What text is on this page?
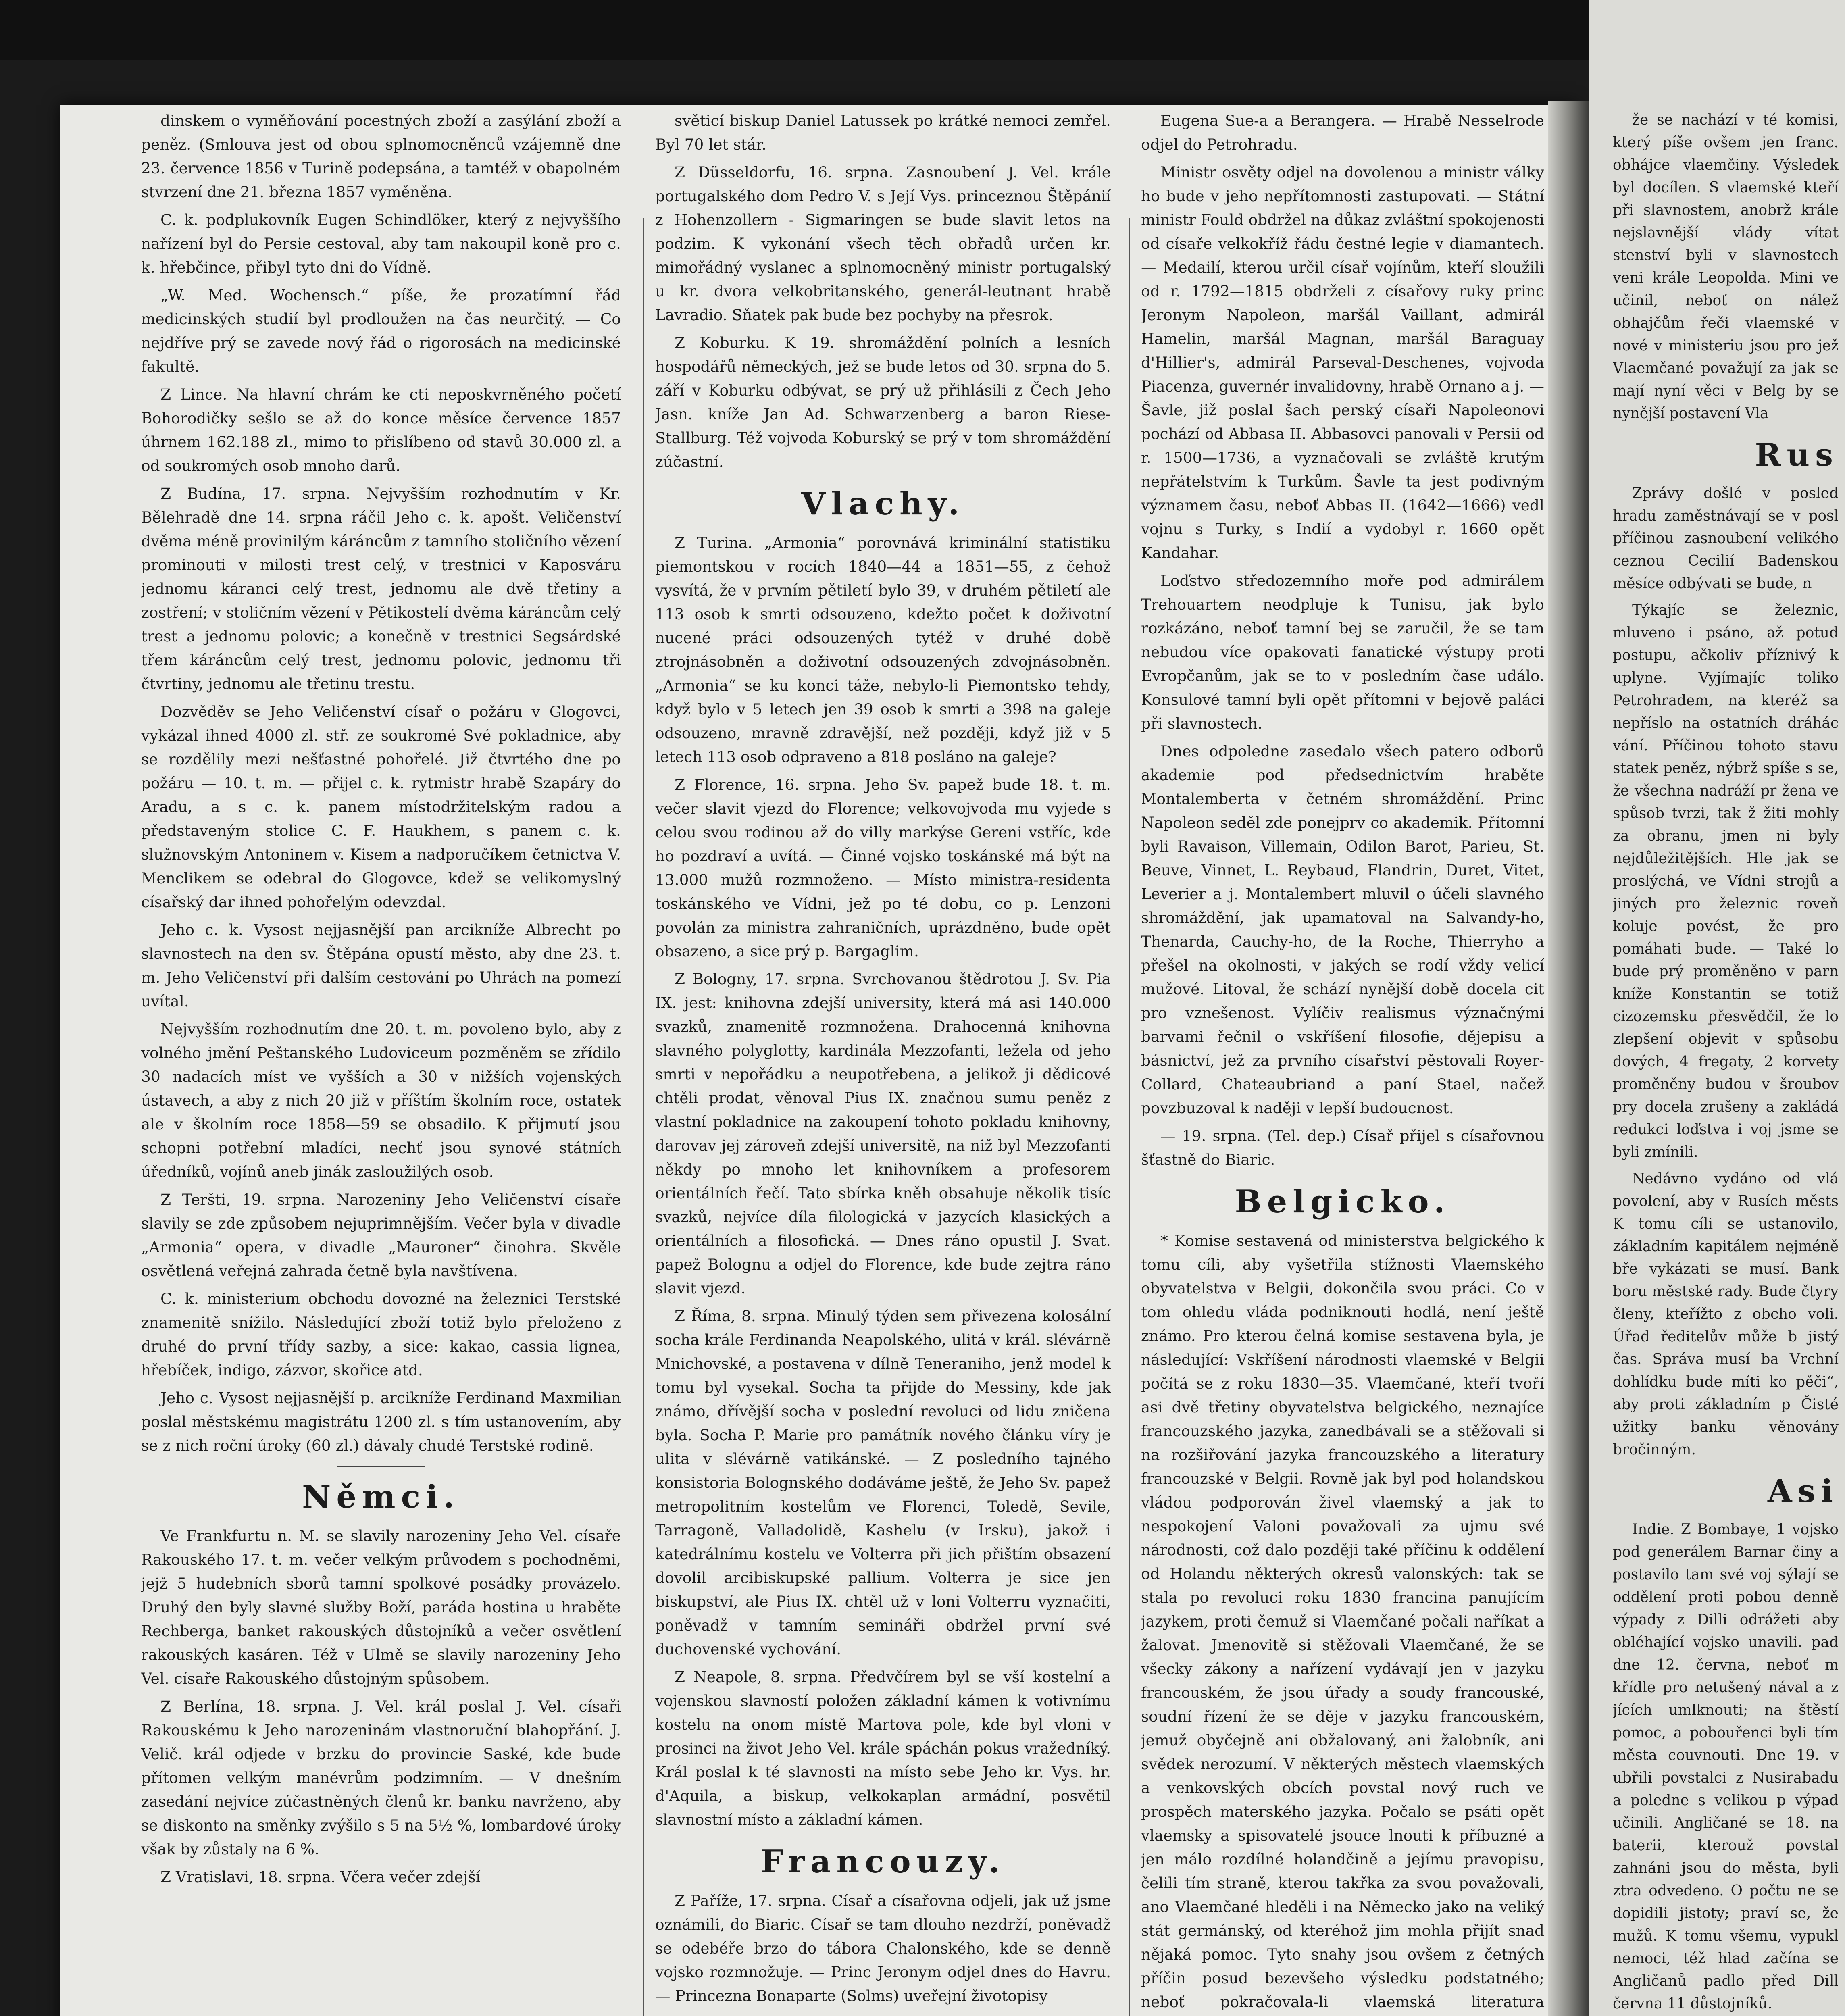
dinskem o vyměňování pocestných zboží a zasýlání zboží a peněz. (Smlouva jest od obou splnomocněnců vzájemně dne 23. července 1856 v Turině podepsána, a tamtéž v obapolném stvrzení dne 21. března 1857 vyměněna.

C. k. podplukovník Eugen Schindlöker, který z nejvyššího nařízení byl do Persie cestoval, aby tam nakoupil koně pro c. k. hřebčince, přibyl tyto dni do Vídně.

„W. Med. Wochensch.“ píše, že prozatímní řád medicinských studií byl prodloužen na čas neurčitý. — Co nejdříve prý se zavede nový řád o rigorosách na medicinské fakultě.

Z Lince. Na hlavní chrám ke cti neposkvrněného početí Bohorodičky sešlo se až do konce měsíce července 1857 úhrnem 162.188 zl., mimo to přislíbeno od stavů 30.000 zl. a od soukromých osob mnoho darů.

Z Budína, 17. srpna. Nejvyšším rozhodnutím v Kr. Bělehradě dne 14. srpna ráčil Jeho c. k. apošt. Veličenství dvěma méně provinilým káráncům z tamního stoličního vězení prominouti v milosti trest celý, v trestnici v Kaposváru jednomu káranci celý trest, jednomu ale dvě třetiny a zostření; v stoličním vězení v Pětikostelí dvěma káráncům celý trest a jednomu polovic; a konečně v trestnici Segsárdské třem káráncům celý trest, jednomu polovic, jednomu tři čtvrtiny, jednomu ale třetinu trestu.

Dozvěděv se Jeho Veličenství císař o požáru v Glogovci, vykázal ihned 4000 zl. stř. ze soukromé Své pokladnice, aby se rozdělily mezi nešťastné pohořelé. Již čtvrtého dne po požáru — 10. t. m. — přijel c. k. rytmistr hrabě Szapáry do Aradu, a s c. k. panem místodržitelským radou a představeným stolice C. F. Haukhem, s panem c. k. služnovským Antoninem v. Kisem a nadporučíkem četnictva V. Menclikem se odebral do Glogovce, kdež se velikomyslný císařský dar ihned pohořelým odevzdal.

Jeho c. k. Vysost nejjasnější pan arcikníže Albrecht po slavnostech na den sv. Štěpána opustí město, aby dne 23. t. m. Jeho Veličenství při dalším cestování po Uhrách na pomezí uvítal.

Nejvyšším rozhodnutím dne 20. t. m. povoleno bylo, aby z volného jmění Peštanského Ludoviceum pozměněm se zřídilo 30 nadacích míst ve vyšších a 30 v nižších vojenských ústavech, a aby z nich 20 již v příštím školním roce, ostatek ale v školním roce 1858—59 se obsadilo. K přijmutí jsou schopni potřební mladíci, nechť jsou synové státních úředníků, vojínů aneb jinák zasloužilých osob.

Z Teršti, 19. srpna. Narozeniny Jeho Veličenství císaře slavily se zde způsobem nejuprimnějším. Večer byla v divadle „Armonia“ opera, v divadle „Mauroner“ činohra. Skvěle osvětlená veřejná zahrada četně byla navštívena.

C. k. ministerium obchodu dovozné na železnici Terstské znamenitě snížilo. Následující zboží totiž bylo přeloženo z druhé do první třídy sazby, a sice: kakao, cassia lignea, hřebíček, indigo, zázvor, skořice atd.

Jeho c. Vysost nejjasnější p. arcikníže Ferdinand Maxmilian poslal městskému magistrátu 1200 zl. s tím ustanovením, aby se z nich roční úroky (60 zl.) dávaly chudé Terstské rodině.

Němci.

Ve Frankfurtu n. M. se slavily narozeniny Jeho Vel. císaře Rakouského 17. t. m. večer velkým průvodem s pochodněmi, jejž 5 hudebních sborů tamní spolkové posádky provázelo. Druhý den byly slavné služby Boží, paráda hostina u hraběte Rechberga, banket rakouských důstojníků a večer osvětlení rakouských kasáren. Též v Ulmě se slavily narozeniny Jeho Vel. císaře Rakouského důstojným spůsobem.

Z Berlína, 18. srpna. J. Vel. král poslal J. Vel. císaři Rakouskému k Jeho narozeninám vlastnoruční blahopřání. J. Velič. král odjede v brzku do provincie Saské, kde bude přítomen velkým manévrům podzimním. — V dnešním zasedání nejvíce zúčastněných členů kr. banku navrženo, aby se diskonto na směnky zvýšilo s 5 na 5½ %, lombardové úroky však by zůstaly na 6 %.

Z Vratislavi, 18. srpna. Včera večer zdejší

světicí biskup Daniel Latussek po krátké nemoci zemřel. Byl 70 let stár.

Z Düsseldorfu, 16. srpna. Zasnoubení J. Vel. krále portugalského dom Pedro V. s Její Vys. princeznou Štěpánií z Hohenzollern - Sigmaringen se bude slavit letos na podzim. K vykonání všech těch obřadů určen kr. mimořádný vyslanec a splnomocněný ministr portugalský u kr. dvora velkobritanského, generál-leutnant hrabě Lavradio. Sňatek pak bude bez pochyby na přesrok.

Z Koburku. K 19. shromáždění polních a lesních hospodářů německých, jež se bude letos od 30. srpna do 5. září v Koburku odbývat, se prý už přihlásili z Čech Jeho Jasn. kníže Jan Ad. Schwarzenberg a baron Riese-Stallburg. Též vojvoda Koburský se prý v tom shromáždění zúčastní.

Vlachy.

Z Turina. „Armonia“ porovnává kriminální statistiku piemontskou v rocích 1840—44 a 1851—55, z čehož vysvítá, že v prvním pětiletí bylo 39, v druhém pětiletí ale 113 osob k smrti odsouzeno, kdežto počet k doživotní nucené práci odsouzených tytéž v druhé době ztrojnásobněn a doživotní odsouzených zdvojnásobněn. „Armonia“ se ku konci táže, nebylo-li Piemontsko tehdy, když bylo v 5 letech jen 39 osob k smrti a 398 na galeje odsouzeno, mravně zdravější, než později, když již v 5 letech 113 osob odpraveno a 818 posláno na galeje?

Z Florence, 16. srpna. Jeho Sv. papež bude 18. t. m. večer slavit vjezd do Florence; velkovojvoda mu vyjede s celou svou rodinou až do villy markýse Gereni vstříc, kde ho pozdraví a uvítá. — Činné vojsko toskánské má být na 13.000 mužů rozmnoženo. — Místo ministra-residenta toskánského ve Vídni, jež po té dobu, co p. Lenzoni povolán za ministra zahraničních, uprázdněno, bude opět obsazeno, a sice prý p. Bargaglim.

Z Bologny, 17. srpna. Svrchovanou štědrotou J. Sv. Pia IX. jest: knihovna zdejší university, která má asi 140.000 svazků, znamenitě rozmnožena. Drahocenná knihovna slavného polyglotty, kardinála Mezzofanti, ležela od jeho smrti v nepořádku a neupotřebena, a jelikož ji dědicové chtěli prodat, věnoval Pius IX. značnou sumu peněz z vlastní pokladnice na zakoupení tohoto pokladu knihovny, darovav jej zároveň zdejší universitě, na niž byl Mezzofanti někdy po mnoho let knihovníkem a profesorem orientálních řečí. Tato sbírka kněh obsahuje několik tisíc svazků, nejvíce díla filologická v jazycích klasických a orientálních a filosofická. — Dnes ráno opustil J. Svat. papež Bolognu a odjel do Florence, kde bude zejtra ráno slavit vjezd.

Z Říma, 8. srpna. Minulý týden sem přivezena kolosální socha krále Ferdinanda Neapolského, ulitá v král. slévárně Mnichovské, a postavena v dílně Teneraniho, jenž model k tomu byl vysekal. Socha ta přijde do Messiny, kde jak známo, dřívější socha v poslední revoluci od lidu zničena byla. Socha P. Marie pro památník nového článku víry je ulita v slévárně vatikánské. — Z posledního tajného konsistoria Bolognského dodáváme ještě, že Jeho Sv. papež metropolitním kostelům ve Florenci, Toledě, Sevile, Tarragoně, Valladolidě, Kashelu (v Irsku), jakož i katedrálnímu kostelu ve Volterra při jich přištím obsazení dovolil arcibiskupské pallium. Volterra je sice jen biskupství, ale Pius IX. chtěl už v loni Volterru vyznačiti, poněvadž v tamním semináři obdržel první své duchovenské vychování.

Z Neapole, 8. srpna. Předvčírem byl se vší kostelní a vojenskou slavností položen základní kámen k votivnímu kostelu na onom místě Martova pole, kde byl vloni v prosinci na život Jeho Vel. krále spáchán pokus vražedníký. Král poslal k té slavnosti na místo sebe Jeho kr. Vys. hr. d'Aquila, a biskup, velkokaplan armádní, posvětil slavnostní místo a základní kámen.

Francouzy.

Z Paříže, 17. srpna. Císař a císařovna odjeli, jak už jsme oznámili, do Biaric. Císař se tam dlouho nezdrží, poněvadž se odebéře brzo do tábora Chalonského, kde se denně vojsko rozmnožuje. — Princ Jeronym odjel dnes do Havru. — Princezna Bonaparte (Solms) uveřejní životopisy

Eugena Sue-a a Berangera. — Hrabě Nesselrode odjel do Petrohradu.

Ministr osvěty odjel na dovolenou a ministr války ho bude v jeho nepřítomnosti zastupovati. — Státní ministr Fould obdržel na důkaz zvláštní spokojenosti od císaře velkokříž řádu čestné legie v diamantech. — Medailí, kterou určil císař vojínům, kteří sloužili od r. 1792—1815 obdrželi z císařovy ruky princ Jeronym Napoleon, maršál Vaillant, admirál Hamelin, maršál Magnan, maršál Baraguay d'Hillier's, admirál Parseval-Deschenes, vojvoda Piacenza, guvernér invalidovny, hrabě Ornano a j. — Šavle, již poslal šach perský císaři Napoleonovi pochází od Abbasa II. Abbasovci panovali v Persii od r. 1500—1736, a vyznačovali se zvláště krutým nepřátelstvím k Turkům. Šavle ta jest podivným významem času, neboť Abbas II. (1642—1666) vedl vojnu s Turky, s Indií a vydobyl r. 1660 opět Kandahar.

Loďstvo středozemního moře pod admirálem Trehouartem neodpluje k Tunisu, jak bylo rozkázáno, neboť tamní bej se zaručil, že se tam nebudou více opakovati fanatické výstupy proti Evropčanům, jak se to v posledním čase událo. Konsulové tamní byli opět přítomni v bejově paláci při slavnostech.

Dnes odpoledne zasedalo všech patero odborů akademie pod předsednictvím hraběte Montalemberta v četném shromáždění. Princ Napoleon seděl zde ponejprv co akademik. Přítomní byli Ravaison, Villemain, Odilon Barot, Parieu, St. Beuve, Vinnet, L. Reybaud, Flandrin, Duret, Vitet, Leverier a j. Montalembert mluvil o účeli slavného shromáždění, jak upamatoval na Salvandy-ho, Thenarda, Cauchy-ho, de la Roche, Thierryho a přešel na okolnosti, v jakých se rodí vždy velicí mužové. Litoval, že schází nynější době docela cit pro vznešenost. Vylíčiv realismus význačnými barvami řečnil o vskříšení filosofie, dějepisu a básnictví, jež za prvního císařství pěstovali Royer-Collard, Chateaubriand a paní Stael, načež povzbuzoval k naději v lepší budoucnost.

— 19. srpna. (Tel. dep.) Císař přijel s císařovnou šťastně do Biaric.

Belgicko.

* Komise sestavená od ministerstva belgického k tomu cíli, aby vyšetřila stížnosti Vlaemského obyvatelstva v Belgii, dokončila svou práci. Co v tom ohledu vláda podniknouti hodlá, není ještě známo. Pro kterou čelná komise sestavena byla, je následující: Vskříšení národnosti vlaemské v Belgii počítá se z roku 1830—35. Vlaemčané, kteří tvoří asi dvě třetiny obyvatelstva belgického, neznajíce francouzského jazyka, zanedbávali se a stěžovali si na rozšiřování jazyka francouzského a literatury francouzské v Belgii. Rovně jak byl pod holandskou vládou podporován živel vlaemský a jak to nespokojení Valoni považovali za ujmu své národnosti, což dalo později také příčinu k oddělení od Holandu některých okresů valonských: tak se stala po revoluci roku 1830 francina panujícím jazykem, proti čemuž si Vlaemčané počali naříkat a žalovat. Jmenovitě si stěžovali Vlaemčané, že se všecky zákony a nařízení vydávají jen v jazyku francouském, že jsou úřady a soudy francouské, soudní řízení že se děje v jazyku francouském, jemuž obyčejně ani obžalovaný, ani žalobník, ani svědek nerozumí. V některých městech vlaemských a venkovských obcích povstal nový ruch ve prospěch materského jazyka. Počalo se psáti opět vlaemsky a spisovatelé jsouce lnouti k příbuzné a jen málo rozdílné holandčině a jejímu pravopisu, čelili tím straně, kterou takřka za svou považovali, ano Vlaemčané hleděli i na Německo jako na veliký stát germánský, od kteréhož jim mohla přijít snad nějaká pomoc. Tyto snahy jsou ovšem z četných příčin posud bezevšeho výsledku podstatného; neboť pokračovala-li vlaemská literatura

že se nachází v té komisi, který píše ovšem jen franc. obhájce vlaemčiny. Výsledek byl docílen. S vlaemské kteří při slavnostem, anobrž krále nejslavnější vlády vítat stenství byli v slavnostech veni krále Leopolda. Mini ve učinil, neboť on nálež obhajčům řeči vlaemské v nové v ministeriu jsou pro jež Vlaemčané považují za jak se mají nyní věci v Belg by se nynější postavení Vla

Rus

Zprávy došlé v posled hradu zaměstnávají se v posl příčinou zasnoubení velikého ceznou Cecilií Badenskou měsíce odbývati se bude, n

Týkajíc se železnic, mluveno i psáno, až potud postupu, ačkoliv příznivý k uplyne. Vyjímajíc toliko Petrohradem, na kteréž sa nepříslo na ostatních dráhác vání. Příčinou tohoto stavu statek peněz, nýbrž spíše s se, že všechna nadráží pr žena ve spůsob tvrzi, tak ž žiti mohly za obranu, jmen ni byly nejdůležitějších. Hle jak se proslýchá, ve Vídni strojů a jiných pro železnic roveň koluje povést, že pro pomáhati bude. — Také lo bude prý proměněno v parn kníže Konstantin se totiž cizozemsku přesvědčil, že lo zlepšení objevit v spůsobu dových, 4 fregaty, 2 korvety proměněny budou v šroubov pry docela zrušeny a zakládá redukci loďstva i voj jsme se byli zmínili.

Nedávno vydáno od vlá povolení, aby v Rusích městs K tomu cíli se ustanovilo, základním kapitálem nejméně bře vykázati se musí. Bank boru městské rady. Bude čtyry členy, kteřížto z obcho voli. Úřad ředitelův může b jistý čas. Správa musí ba Vrchní dohlídku bude míti ko pěči“, aby proti základním p Čisté užitky banku věnovány bročinným.

Asi

Indie. Z Bombaye, 1 vojsko pod generálem Barnar činy a postavilo tam své voj sýlají se oddělení proti pobou denně výpady z Dilli odrážeti aby obléhající vojsko unavili. pad dne 12. června, neboť m křídle pro netušený nával a z jících umlknouti; na štěstí pomoc, a pobouřenci byli tím města couvnouti. Dne 19. v ubřili povstalci z Nusirabadu a poledne s velikou p výpad učinili. Angličané se 18. na baterii, kterouž povstal zahnáni jsou do města, byli ztra odvedeno. O počtu ne se dopidili jistoty; praví se, že mužů. K tomu všemu, vypukl nemoci, též hlad začína se Angličanů padlo před Dill června 11 důstojníků.
